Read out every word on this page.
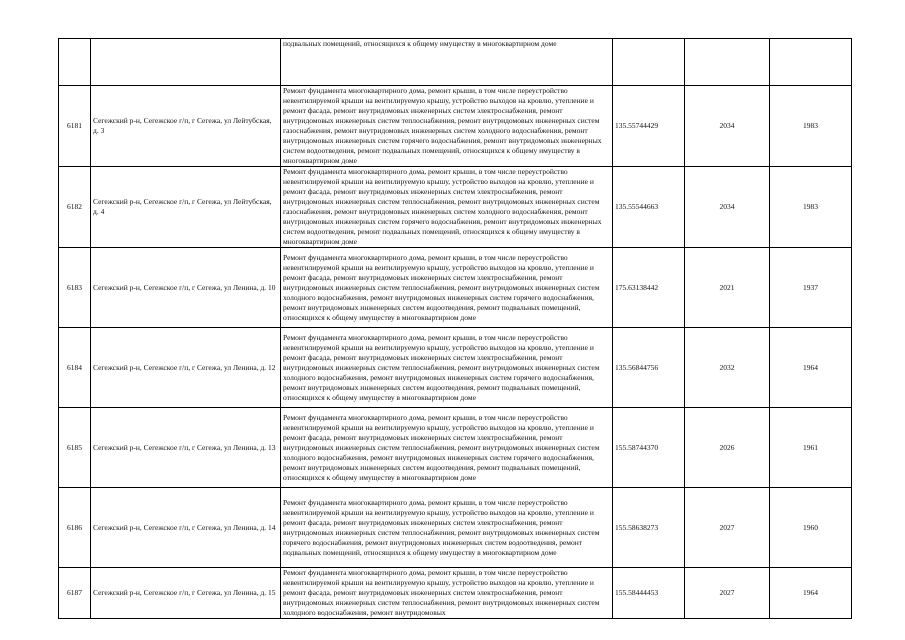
		подвальных помещений, относящихся к общему имуществу в многоквартирном доме			
6181	Сегежский р-н, Сегежское г/п, г Сегежа, ул Лейтубская, д. 3	Ремонт фундамента многоквартирного дома, ремонт крыши, в том числе переустройство невентилируемой крыши на вентилируемую крышу, устройство выходов на кровлю, утепление и ремонт фасада, ремонт внутридомовых инженерных систем электроснабжения, ремонт внутридомовых инженерных систем теплоснабжения, ремонт внутридомовых инженерных систем газоснабжения, ремонт внутридомовых инженерных систем холодного водоснабжения, ремонт внутридомовых инженерных систем горячего водоснабжения, ремонт внутридомовых инженерных систем водоотведения, ремонт подвальных помещений, относящихся к общему имуществу в многоквартирном доме	135.55744429	2034	1983
6182	Сегежский р-н, Сегежское г/п, г Сегежа, ул Лейтубская, д. 4	Ремонт фундамента многоквартирного дома, ремонт крыши, в том числе переустройство невентилируемой крыши на вентилируемую крышу, устройство выходов на кровлю, утепление и ремонт фасада, ремонт внутридомовых инженерных систем электроснабжения, ремонт внутридомовых инженерных систем теплоснабжения, ремонт внутридомовых инженерных систем газоснабжения, ремонт внутридомовых инженерных систем холодного водоснабжения, ремонт внутридомовых инженерных систем горячего водоснабжения, ремонт внутридомовых инженерных систем водоотведения, ремонт подвальных помещений, относящихся к общему имуществу в многоквартирном доме	135.55544663	2034	1983
6183	Сегежский р-н, Сегежское г/п, г Сегежа, ул Ленина, д. 10	Ремонт фундамента многоквартирного дома, ремонт крыши, в том числе переустройство невентилируемой крыши на вентилируемую крышу, устройство выходов на кровлю, утепление и ремонт фасада, ремонт внутридомовых инженерных систем электроснабжения, ремонт внутридомовых инженерных систем теплоснабжения, ремонт внутридомовых инженерных систем холодного водоснабжения, ремонт внутридомовых инженерных систем горячего водоснабжения, ремонт внутридомовых инженерных систем водоотведения, ремонт подвальных помещений, относящихся к общему имуществу в многоквартирном доме	175.63138442	2021	1937
6184	Сегежский р-н, Сегежское г/п, г Сегежа, ул Ленина, д. 12	Ремонт фундамента многоквартирного дома, ремонт крыши, в том числе переустройство невентилируемой крыши на вентилируемую крышу, устройство выходов на кровлю, утепление и ремонт фасада, ремонт внутридомовых инженерных систем электроснабжения, ремонт внутридомовых инженерных систем теплоснабжения, ремонт внутридомовых инженерных систем холодного водоснабжения, ремонт внутридомовых инженерных систем горячего водоснабжения, ремонт внутридомовых инженерных систем водоотведения, ремонт подвальных помещений, относящихся к общему имуществу в многоквартирном доме	135.56844756	2032	1964
6185	Сегежский р-н, Сегежское г/п, г Сегежа, ул Ленина, д. 13	Ремонт фундамента многоквартирного дома, ремонт крыши, в том числе переустройство невентилируемой крыши на вентилируемую крышу, устройство выходов на кровлю, утепление и ремонт фасада, ремонт внутридомовых инженерных систем электроснабжения, ремонт внутридомовых инженерных систем теплоснабжения, ремонт внутридомовых инженерных систем холодного водоснабжения, ремонт внутридомовых инженерных систем горячего водоснабжения, ремонт внутридомовых инженерных систем водоотведения, ремонт подвальных помещений, относящихся к общему имуществу в многоквартирном доме	155.58744370	2026	1961
6186	Сегежский р-н, Сегежское г/п, г Сегежа, ул Ленина, д. 14	Ремонт фундамента многоквартирного дома, ремонт крыши, в том числе переустройство невентилируемой крыши на вентилируемую крышу, устройство выходов на кровлю, утепление и ремонт фасада, ремонт внутридомовых инженерных систем электроснабжения, ремонт внутридомовых инженерных систем теплоснабжения, ремонт внутридомовых инженерных систем горячего водоснабжения, ремонт внутридомовых инженерных систем водоотведения, ремонт подвальных помещений, относящихся к общему имуществу в многоквартирном доме	155.58638273	2027	1960
6187	Сегежский р-н, Сегежское г/п, г Сегежа, ул Ленина, д. 15	Ремонт фундамента многоквартирного дома, ремонт крыши, в том числе переустройство невентилируемой крыши на вентилируемую крышу, устройство выходов на кровлю, утепление и ремонт фасада, ремонт внутридомовых инженерных систем электроснабжения, ремонт внутридомовых инженерных систем теплоснабжения, ремонт внутридомовых инженерных систем холодного водоснабжения, ремонт внутридомовых	155.58444453	2027	1964
